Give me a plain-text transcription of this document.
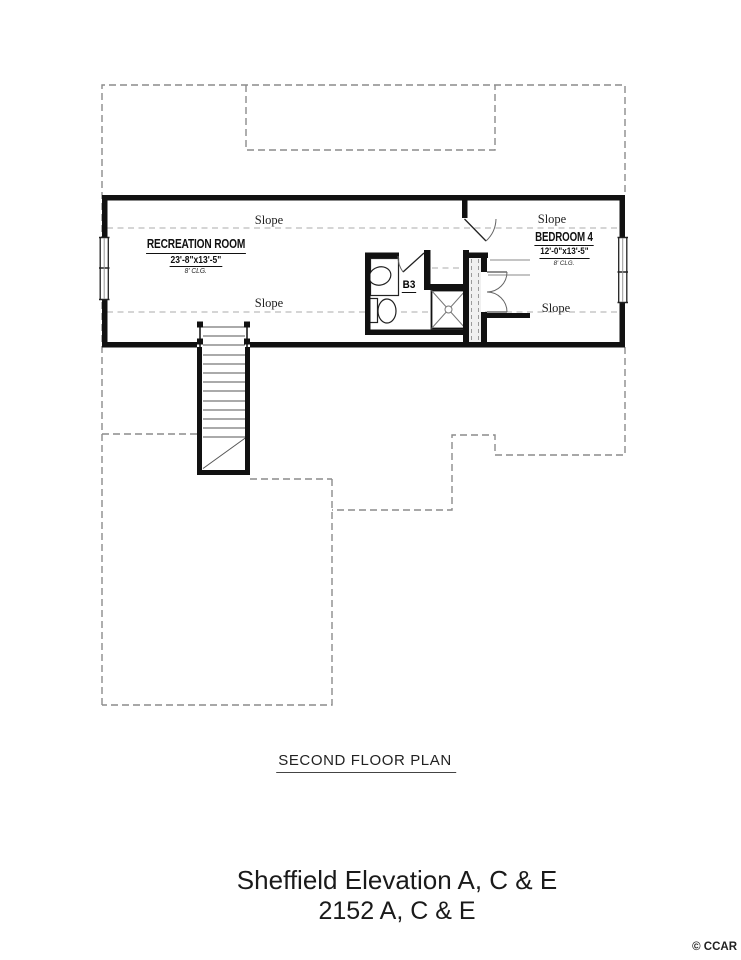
Slope	Slope
Slope	Slope
RECREATION ROOM
23'-8"x13'-5"
8' CLG.
BEDROOM 4
12'-0"x13'-5"
8' CLG.
B3
SECOND FLOOR PLAN
Sheffield Elevation A, C & E
2152 A, C & E
© CCAR
